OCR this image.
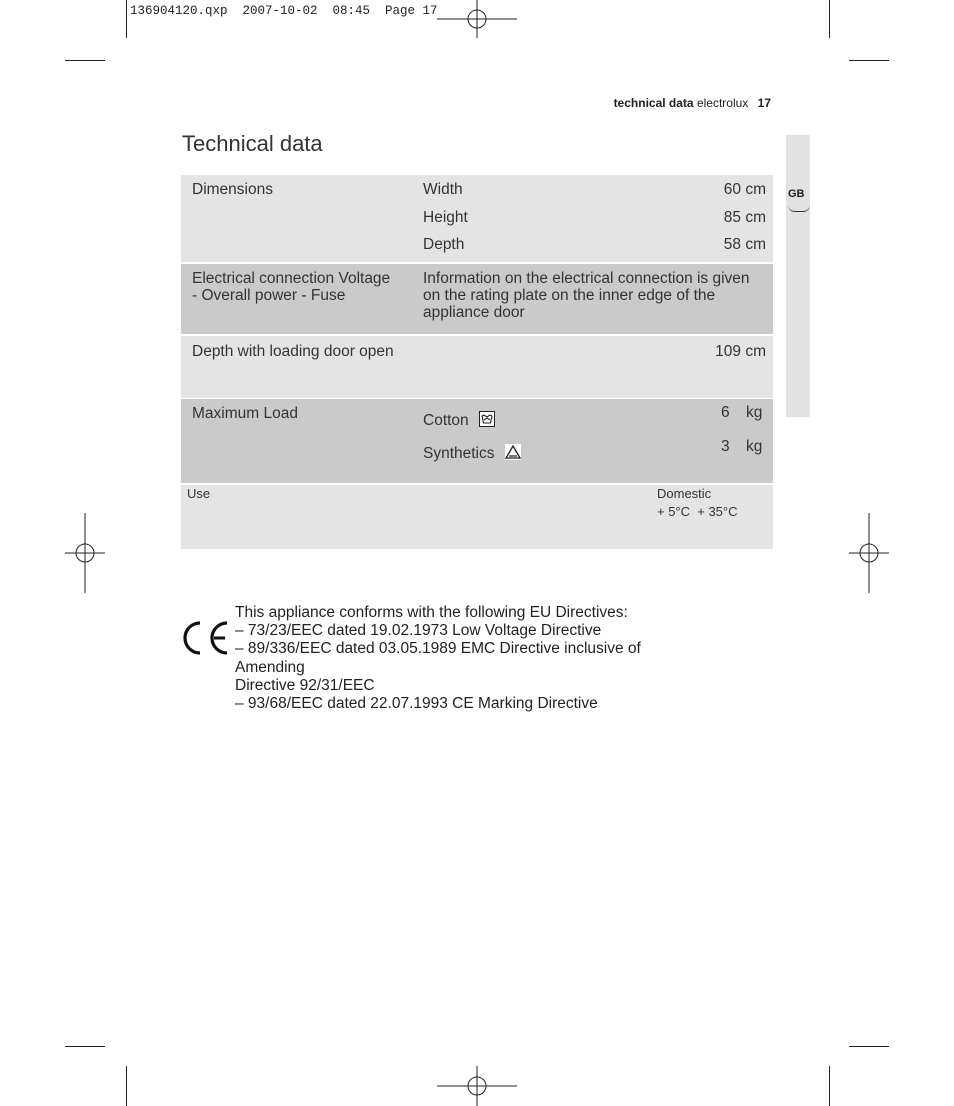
136904120.qxp  2007-10-02  08:45  Page 17
technical data electrolux 17
GB
Technical data
Dimensions	Width	60 cm
Height	85 cm
Depth	58 cm
Electrical connection Voltage - Overall power - Fuse
Information on the electrical connection is given on the rating plate on the inner edge of the appliance door
Depth with loading door open	109 cm
Maximum Load	Cotton	6 kg
Synthetics	3 kg
Use	Domestic
+ 5°C  + 35°C
This appliance conforms with the following EU Directives:
– 73/23/EEC dated 19.02.1973 Low Voltage Directive
– 89/336/EEC dated 03.05.1989 EMC Directive inclusive of
Amending
Directive 92/31/EEC
– 93/68/EEC dated 22.07.1993 CE Marking Directive
